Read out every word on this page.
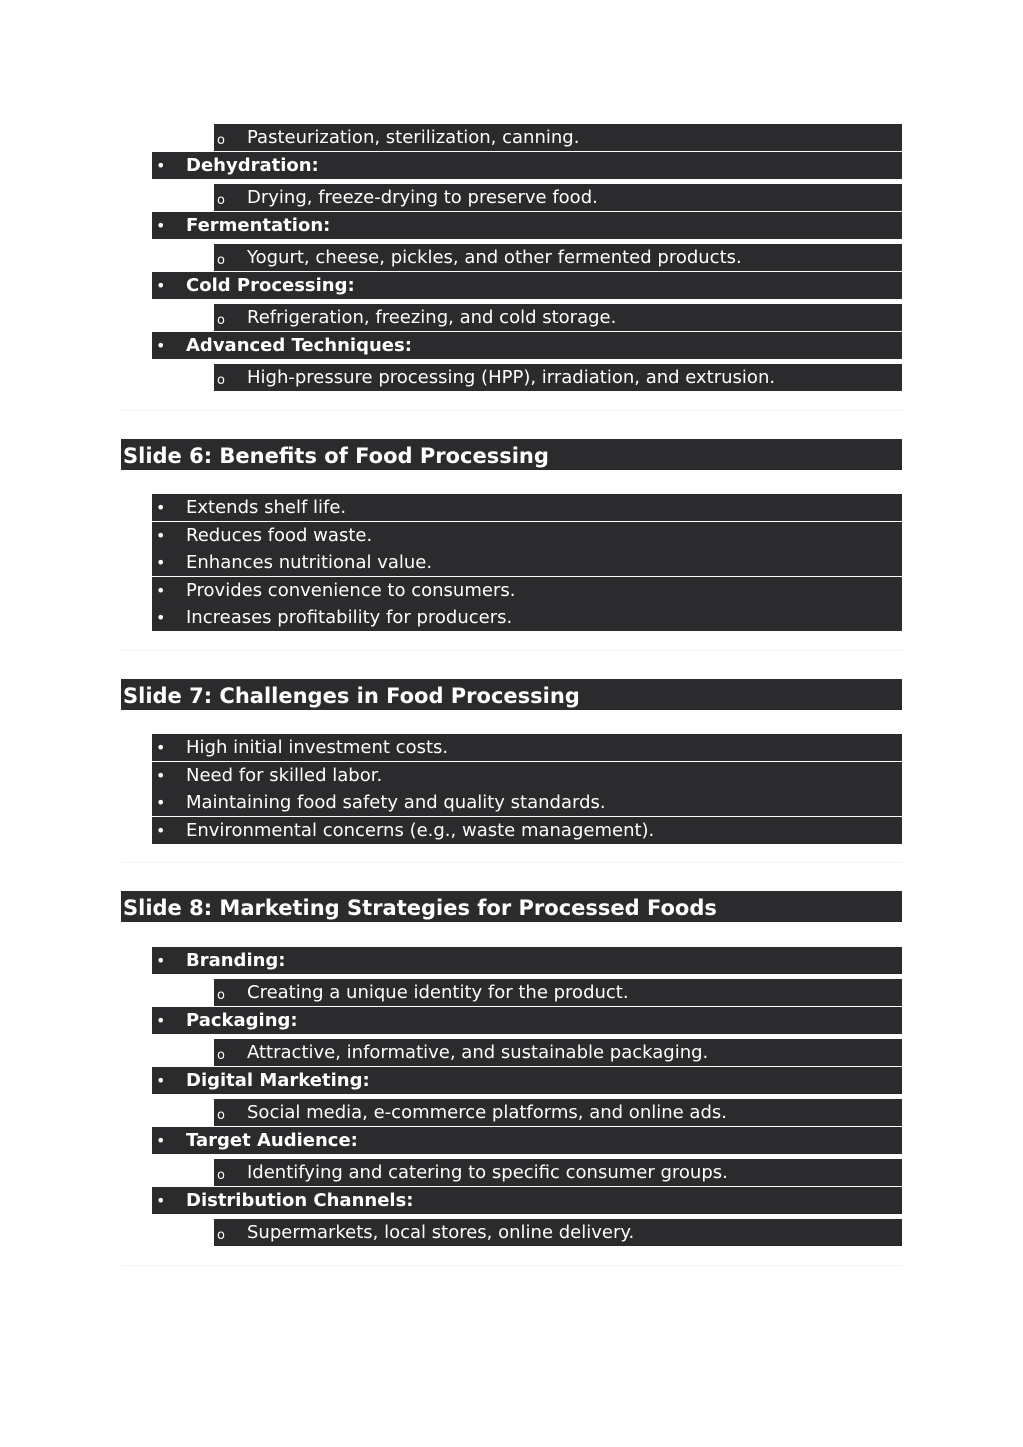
o Pasteurization, sterilization, canning.
• Dehydration:
o Drying, freeze-drying to preserve food.
• Fermentation:
o Yogurt, cheese, pickles, and other fermented products.
• Cold Processing:
o Refrigeration, freezing, and cold storage.
• Advanced Techniques:
o High-pressure processing (HPP), irradiation, and extrusion.
Slide 6: Benefits of Food Processing
• Extends shelf life.
• Reduces food waste.
• Enhances nutritional value.
• Provides convenience to consumers.
• Increases profitability for producers.
Slide 7: Challenges in Food Processing
• High initial investment costs.
• Need for skilled labor.
• Maintaining food safety and quality standards.
• Environmental concerns (e.g., waste management).
Slide 8: Marketing Strategies for Processed Foods
• Branding:
o Creating a unique identity for the product.
• Packaging:
o Attractive, informative, and sustainable packaging.
• Digital Marketing:
o Social media, e-commerce platforms, and online ads.
• Target Audience:
o Identifying and catering to specific consumer groups.
• Distribution Channels:
o Supermarkets, local stores, online delivery.
